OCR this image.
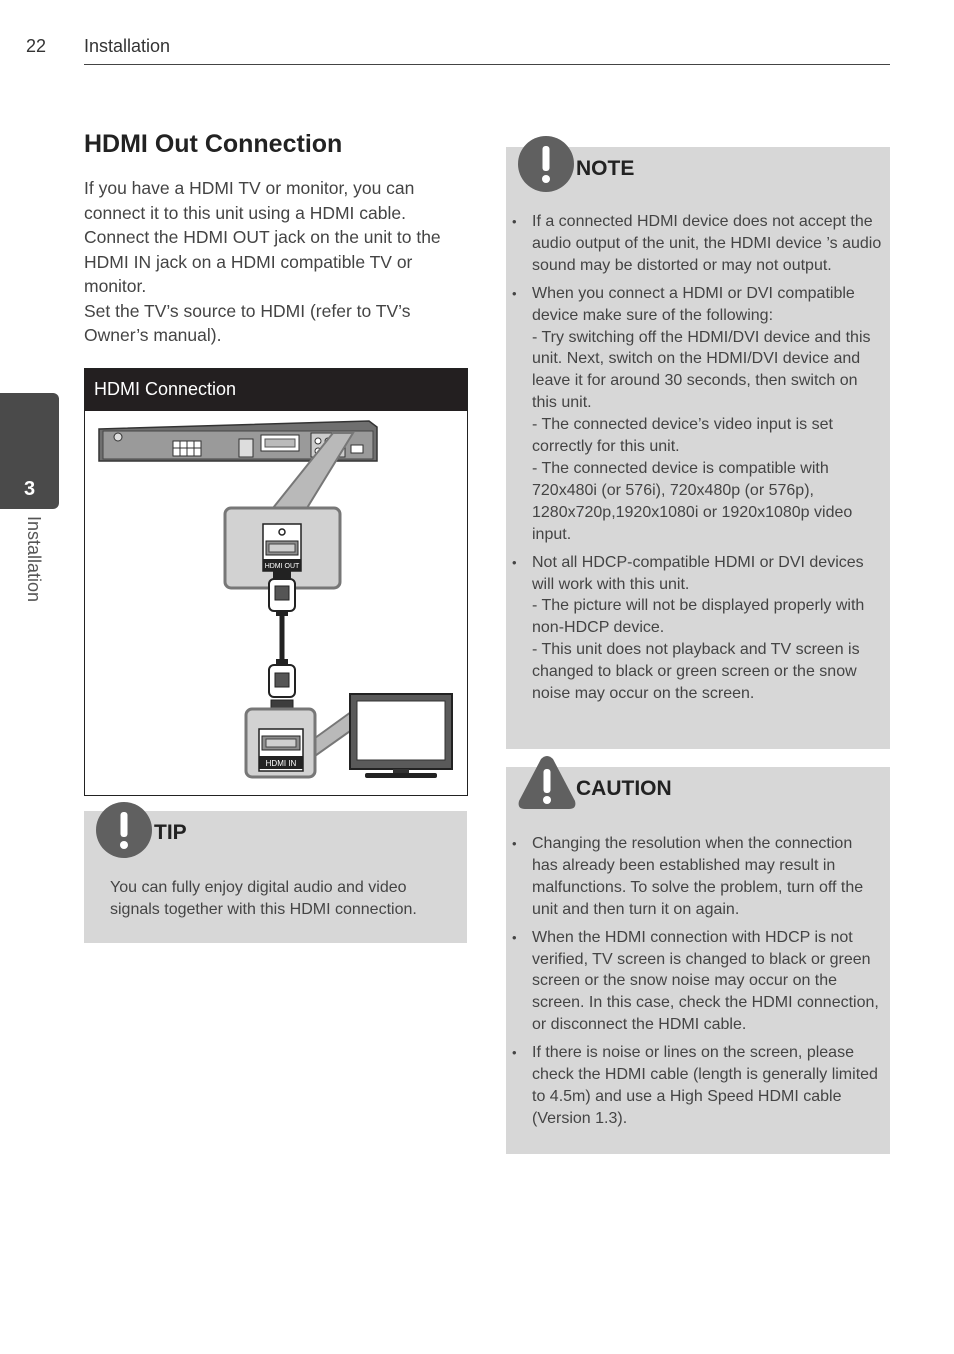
22 Installation
3
Installation
HDMI Out Connection

If you have a HDMI TV or monitor, you can connect it to this unit using a HDMI cable. Connect the HDMI OUT jack on the unit to the HDMI IN jack on a HDMI compatible TV or monitor.

Set the TV’s source to HDMI (refer to TV’s Owner’s manual).

HDMI Connection
HDMI OUT
HDMI IN
TIP
You can fully enjoy digital audio and video signals together with this HDMI connection.
NOTE
• If a connected HDMI device does not accept the audio output of the unit, the HDMI device ’s audio sound may be distorted or may not output.
• When you connect a HDMI or DVI compatible device make sure of the following:
- Try switching off the HDMI/DVI device and this unit. Next, switch on the HDMI/DVI device and leave it for around 30 seconds, then switch on this unit.
- The connected device’s video input is set correctly for this unit.
- The connected device is compatible with 720x480i (or 576i), 720x480p (or 576p), 1280x720p,1920x1080i or 1920x1080p video input.
• Not all HDCP-compatible HDMI or DVI devices will work with this unit.
- The picture will not be displayed properly with non-HDCP device.
- This unit does not playback and TV screen is changed to black or green screen or the snow noise may occur on the screen.
CAUTION
• Changing the resolution when the connection has already been established may result in malfunctions. To solve the problem, turn off the unit and then turn it on again.
• When the HDMI connection with HDCP is not verified, TV screen is changed to black or green screen or the snow noise may occur on the screen. In this case, check the HDMI connection, or disconnect the HDMI cable.
• If there is noise or lines on the screen, please check the HDMI cable (length is generally limited to 4.5m) and use a High Speed HDMI cable (Version 1.3).
